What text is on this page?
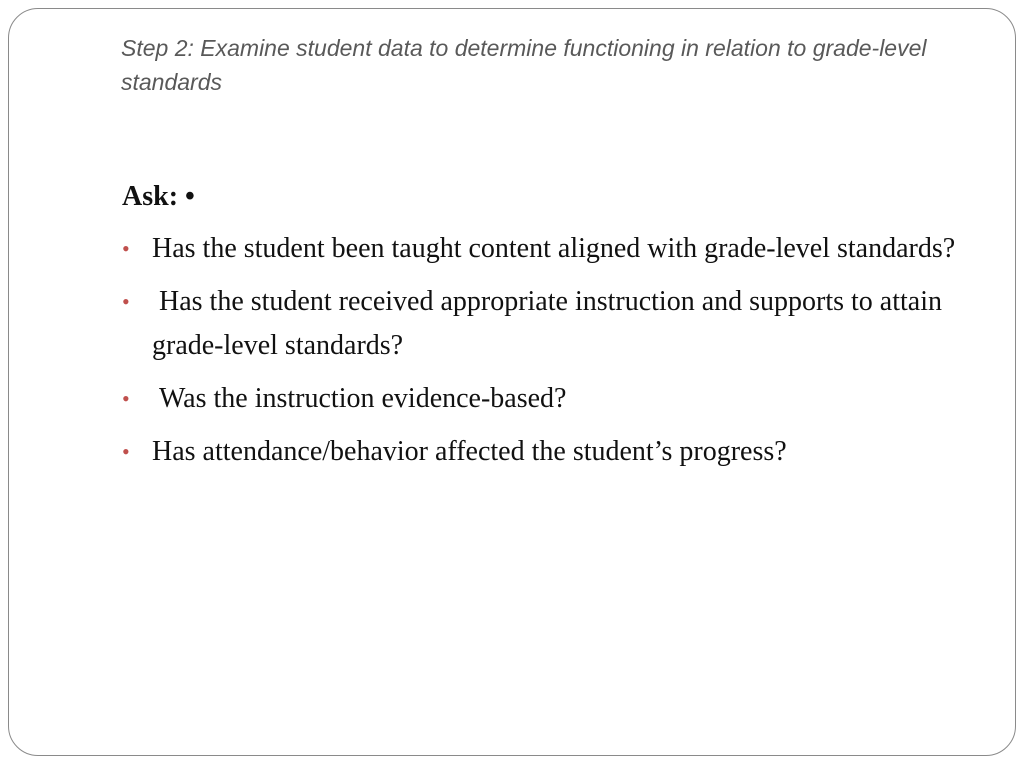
Step 2: Examine student data to determine functioning in relation to grade-level standards

Ask: •

• Has the student been taught content aligned with grade-level standards?
• Has the student received appropriate instruction and supports to attain grade-level standards?
• Was the instruction evidence-based?
• Has attendance/behavior affected the student’s progress?
